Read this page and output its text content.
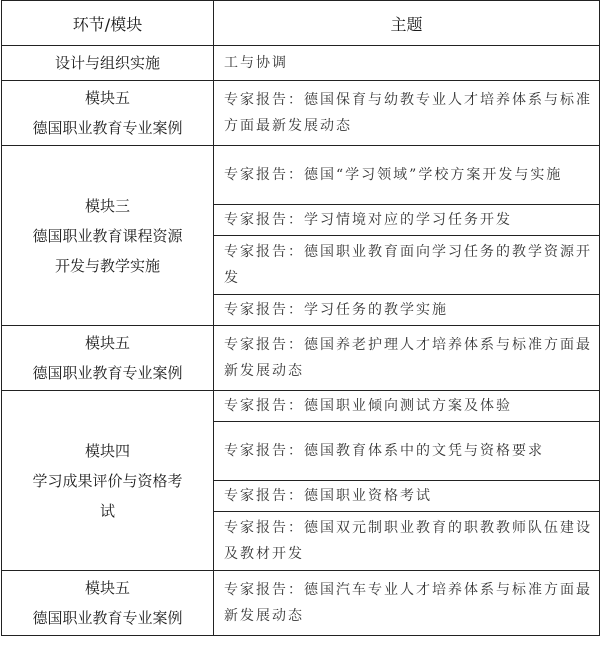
环节/模块	主题
设计与组织实施	工与协调

模块五
德国职业教育专业案例	专家报告：德国保育与幼教专业人才培养体系与标准方面最新发展动态

模块三
德国职业教育课程资源
开发与教学实施	专家报告：德国“学习领域”学校方案开发与实施
	专家报告：学习情境对应的学习任务开发
	专家报告：德国职业教育面向学习任务的教学资源开发
	专家报告：学习任务的教学实施

模块五
德国职业教育专业案例	专家报告：德国养老护理人才培养体系与标准方面最新发展动态

模块四
学习成果评价与资格考
试	专家报告：德国职业倾向测试方案及体验
	专家报告：德国教育体系中的文凭与资格要求
	专家报告：德国职业资格考试
	专家报告：德国双元制职业教育的职教教师队伍建设及教材开发

模块五
德国职业教育专业案例	专家报告：德国汽车专业人才培养体系与标准方面最新发展动态
